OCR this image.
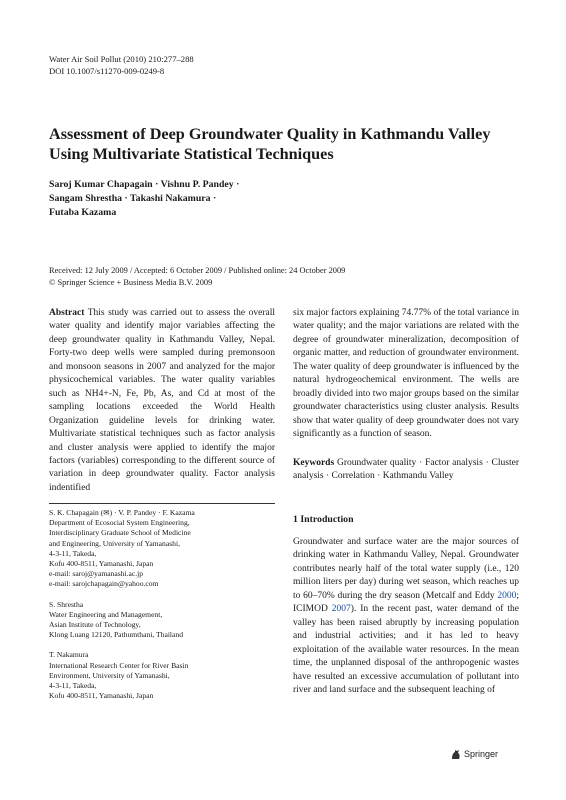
Water Air Soil Pollut (2010) 210:277–288
DOI 10.1007/s11270-009-0249-8
Assessment of Deep Groundwater Quality in Kathmandu Valley Using Multivariate Statistical Techniques
Saroj Kumar Chapagain · Vishnu P. Pandey ·
Sangam Shrestha · Takashi Nakamura ·
Futaba Kazama
Received: 12 July 2009 / Accepted: 6 October 2009 / Published online: 24 October 2009
© Springer Science + Business Media B.V. 2009

Abstract This study was carried out to assess the overall water quality and identify major variables affecting the deep groundwater quality in Kathmandu Valley, Nepal. Forty-two deep wells were sampled during premonsoon and monsoon seasons in 2007 and analyzed for the major physicochemical variables. The water quality variables such as NH4+-N, Fe, Pb, As, and Cd at most of the sampling locations exceeded the World Health Organization guideline levels for drinking water. Multivariate statistical techniques such as factor analysis and cluster analysis were applied to identify the major factors (variables) corresponding to the different source of variation in deep groundwater quality. Factor analysis indentified

S. K. Chapagain (✉) · V. P. Pandey · F. Kazama
Department of Ecosocial System Engineering,
Interdisciplinary Graduate School of Medicine
and Engineering, University of Yamanashi,
4-3-11, Takeda,
Kofu 400-8511, Yamanashi, Japan
e-mail: saroj@yamanashi.ac.jp
e-mail: sarojchapagain@yahoo.com
S. Shrestha
Water Engineering and Management,
Asian Institute of Technology,
Klong Luang 12120, Pathumthani, Thailand
T. Nakamura
International Research Center for River Basin
Environment, University of Yamanashi,
4-3-11, Takeda,
Kofu 400-8511, Yamanashi, Japan

six major factors explaining 74.77% of the total variance in water quality; and the major variations are related with the degree of groundwater mineralization, decomposition of organic matter, and reduction of groundwater environment. The water quality of deep groundwater is influenced by the natural hydrogeochemical environment. The wells are broadly divided into two major groups based on the similar groundwater characteristics using cluster analysis. Results show that water quality of deep groundwater does not vary significantly as a function of season.

Keywords Groundwater quality · Factor analysis · Cluster analysis · Correlation · Kathmandu Valley

1 Introduction

Groundwater and surface water are the major sources of drinking water in Kathmandu Valley, Nepal. Groundwater contributes nearly half of the total water supply (i.e., 120 million liters per day) during wet season, which reaches up to 60–70% during the dry season (Metcalf and Eddy 2000; ICIMOD 2007). In the recent past, water demand of the valley has been raised abruptly by increasing population and industrial activities; and it has led to heavy exploitation of the available water resources. In the mean time, the unplanned disposal of the anthropogenic wastes have resulted an excessive accumulation of pollutant into river and land surface and the subsequent leaching of

Springer
